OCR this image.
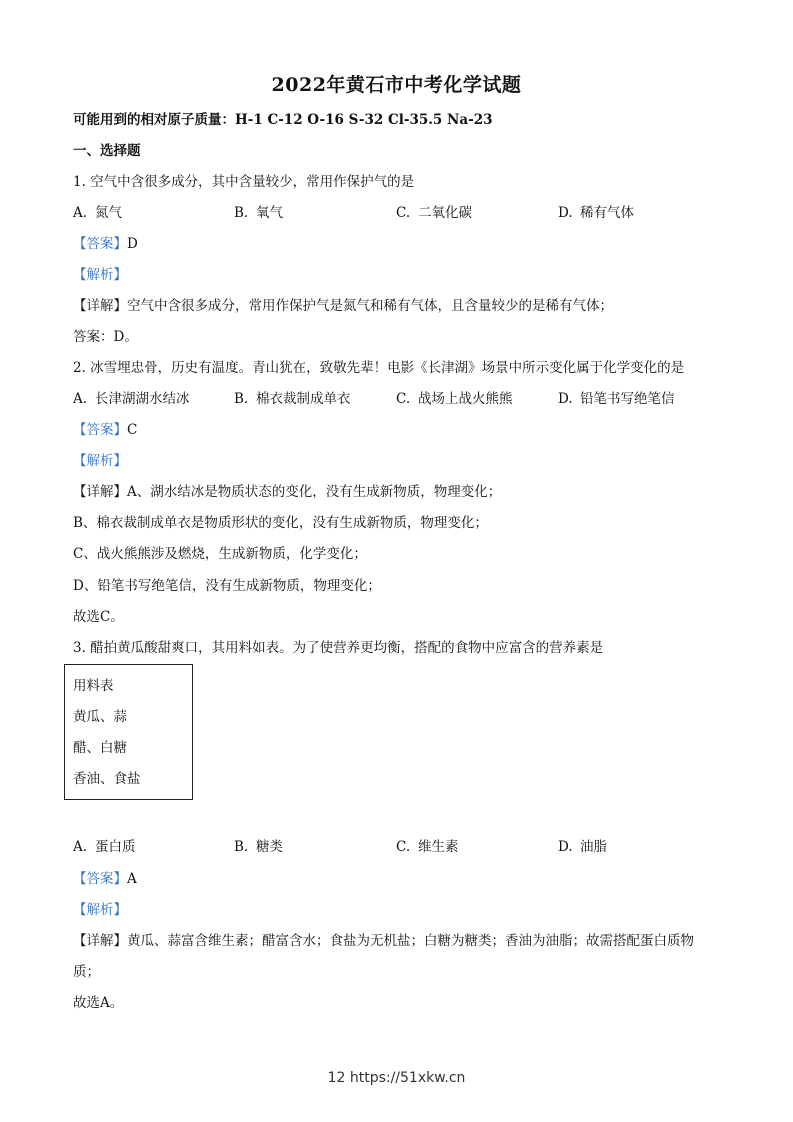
2022年黄石市中考化学试题
可能用到的相对原子质量：H-1 C-12 O-16 S-32 Cl-35.5 Na-23
一、选择题
1. 空气中含很多成分，其中含量较少，常用作保护气的是
A. 氮气	B. 氧气	C. 二氧化碳	D. 稀有气体
【答案】D
【解析】
【详解】空气中含很多成分，常用作保护气是氮气和稀有气体，且含量较少的是稀有气体；
答案：D。
2. 冰雪埋忠骨，历史有温度。青山犹在，致敬先辈！电影《长津湖》场景中所示变化属于化学变化的是
A. 长津湖湖水结冰	B. 棉衣裁制成单衣	C. 战场上战火熊熊	D. 铅笔书写绝笔信
【答案】C
【解析】
【详解】A、湖水结冰是物质状态的变化，没有生成新物质，物理变化；
B、棉衣裁制成单衣是物质形状的变化，没有生成新物质，物理变化；
C、战火熊熊涉及燃烧，生成新物质，化学变化；
D、铅笔书写绝笔信，没有生成新物质，物理变化；
故选C。
3. 醋拍黄瓜酸甜爽口，其用料如表。为了使营养更均衡，搭配的食物中应富含的营养素是
用料表
黄瓜、蒜
醋、白糖
香油、食盐
A. 蛋白质	B. 糖类	C. 维生素	D. 油脂
【答案】A
【解析】
【详解】黄瓜、蒜富含维生素；醋富含水；食盐为无机盐；白糖为糖类；香油为油脂；故需搭配蛋白质物
质；
故选A。
12 https://51xkw.cn
